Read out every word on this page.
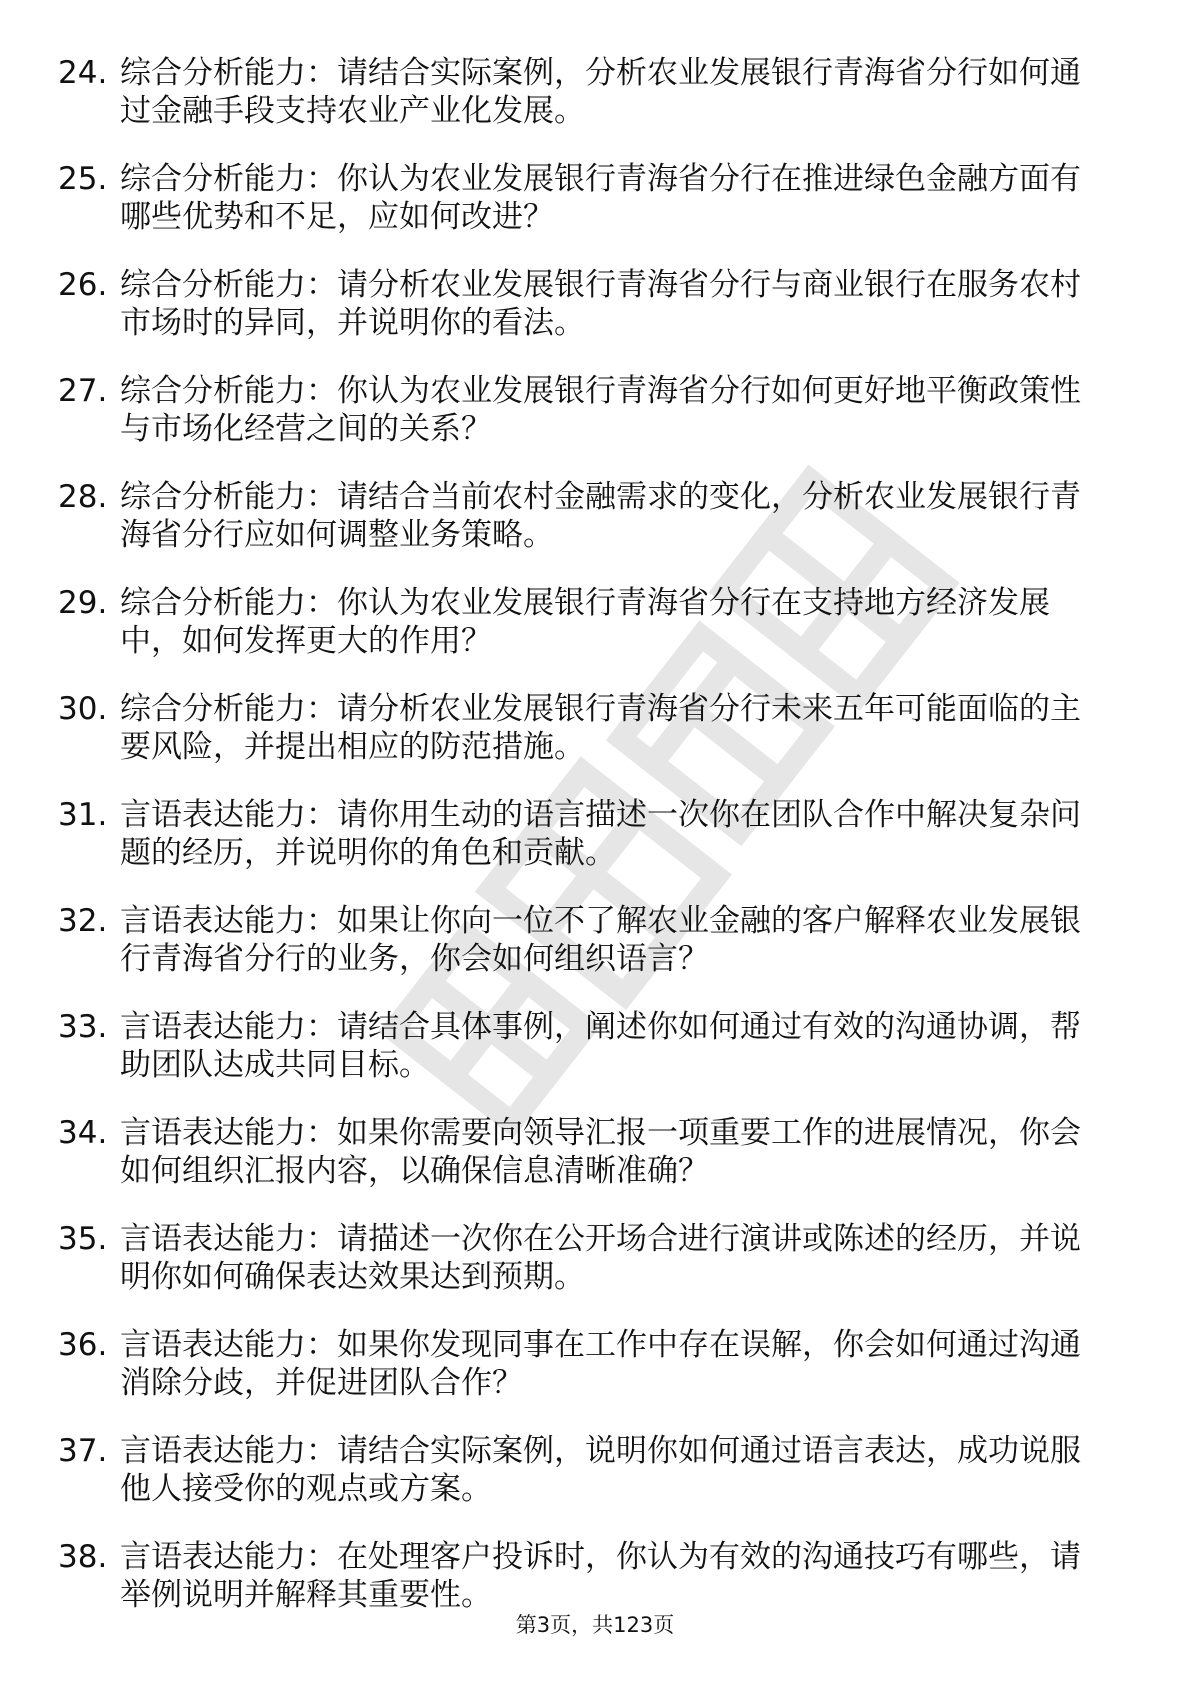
24. 综合分析能力：请结合实际案例，分析农业发展银行青海省分行如何通过金融手段支持农业产业化发展。
25. 综合分析能力：你认为农业发展银行青海省分行在推进绿色金融方面有哪些优势和不足，应如何改进？
26. 综合分析能力：请分析农业发展银行青海省分行与商业银行在服务农村市场时的异同，并说明你的看法。
27. 综合分析能力：你认为农业发展银行青海省分行如何更好地平衡政策性与市场化经营之间的关系？
28. 综合分析能力：请结合当前农村金融需求的变化，分析农业发展银行青海省分行应如何调整业务策略。
29. 综合分析能力：你认为农业发展银行青海省分行在支持地方经济发展中，如何发挥更大的作用？
30. 综合分析能力：请分析农业发展银行青海省分行未来五年可能面临的主要风险，并提出相应的防范措施。
31. 言语表达能力：请你用生动的语言描述一次你在团队合作中解决复杂问题的经历，并说明你的角色和贡献。
32. 言语表达能力：如果让你向一位不了解农业金融的客户解释农业发展银行青海省分行的业务，你会如何组织语言？
33. 言语表达能力：请结合具体事例，阐述你如何通过有效的沟通协调，帮助团队达成共同目标。
34. 言语表达能力：如果你需要向领导汇报一项重要工作的进展情况，你会如何组织汇报内容，以确保信息清晰准确？
35. 言语表达能力：请描述一次你在公开场合进行演讲或陈述的经历，并说明你如何确保表达效果达到预期。
36. 言语表达能力：如果你发现同事在工作中存在误解，你会如何通过沟通消除分歧，并促进团队合作？
37. 言语表达能力：请结合实际案例，说明你如何通过语言表达，成功说服他人接受你的观点或方案。
38. 言语表达能力：在处理客户投诉时，你认为有效的沟通技巧有哪些，请举例说明并解释其重要性。
第3页，共123页
